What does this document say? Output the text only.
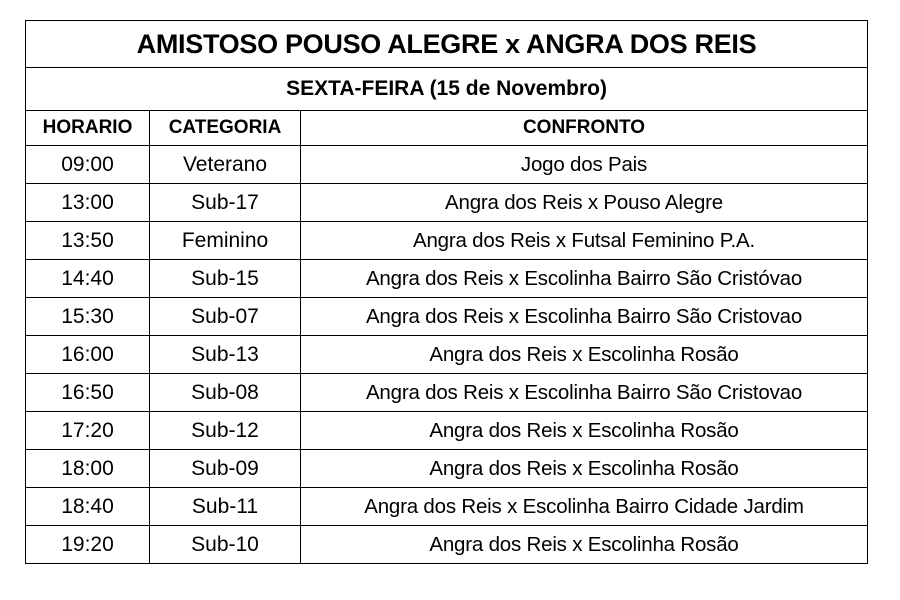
AMISTOSO POUSO ALEGRE x ANGRA DOS REIS		
SEXTA-FEIRA (15 de Novembro)		
HORARIO	CATEGORIA	CONFRONTO
09:00	Veterano	Jogo dos Pais
13:00	Sub-17	Angra dos Reis x Pouso Alegre
13:50	Feminino	Angra dos Reis x Futsal Feminino P.A.
14:40	Sub-15	Angra dos Reis x Escolinha Bairro São Cristóvao
15:30	Sub-07	Angra dos Reis x Escolinha Bairro São Cristovao
16:00	Sub-13	Angra dos Reis x Escolinha Rosão
16:50	Sub-08	Angra dos Reis x Escolinha Bairro São Cristovao
17:20	Sub-12	Angra dos Reis x Escolinha Rosão
18:00	Sub-09	Angra dos Reis x Escolinha Rosão
18:40	Sub-11	Angra dos Reis x Escolinha Bairro Cidade Jardim
19:20	Sub-10	Angra dos Reis x Escolinha Rosão
